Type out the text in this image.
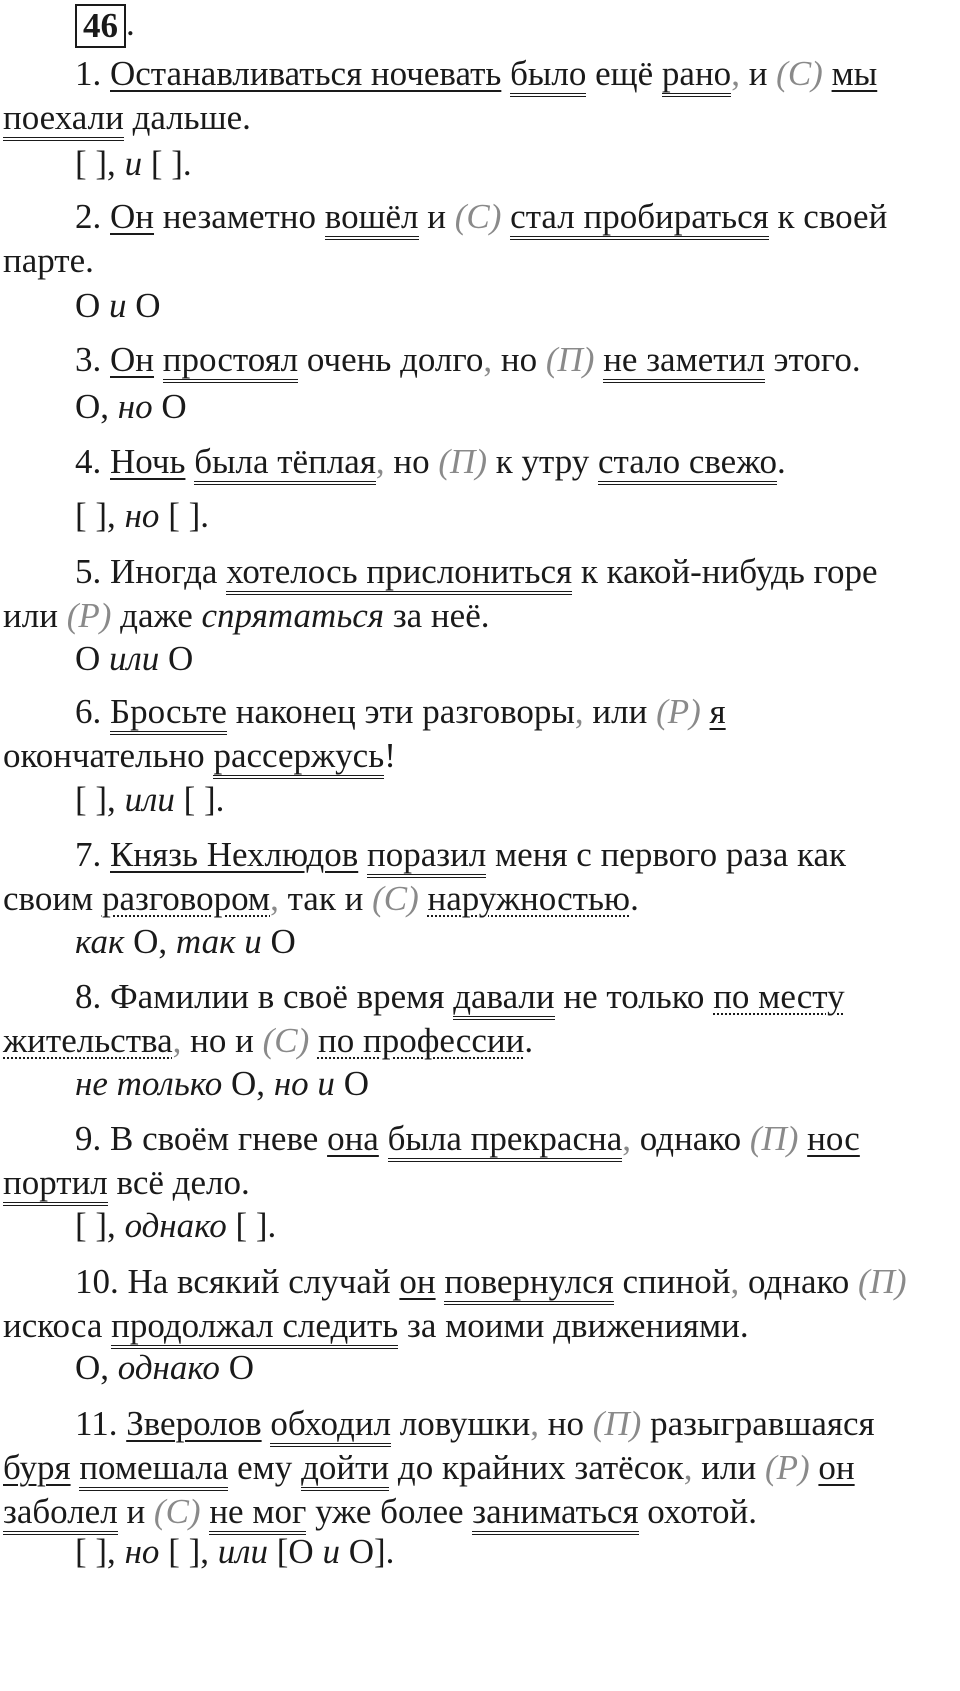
46 .
1. Останавливаться ночевать было ещё рано, и (С) мы
поехали дальше.
[ ], и [ ].
2. Он незаметно вошёл и (С) стал пробираться к своей
парте.
О и О
3. Он простоял очень долго, но (П) не заметил этого.
О, но О
4. Ночь была тёплая, но (П) к утру стало свежо.
[ ], но [ ].
5. Иногда хотелось прислониться к какой-нибудь горе
или (Р) даже спрятаться за неё.
О или О
6. Бросьте наконец эти разговоры, или (Р) я
окончательно рассержусь!
[ ], или [ ].
7. Князь Нехлюдов поразил меня с первого раза как
своим разговором, так и (С) наружностью.
как О, так и О
8. Фамилии в своё время давали не только по месту
жительства, но и (С) по профессии.
не только О, но и О
9. В своём гневе она была прекрасна, однако (П) нос
портил всё дело.
[ ], однако [ ].
10. На всякий случай он повернулся спиной, однако (П)
искоса продолжал следить за моими движениями.
О, однако О
11. Зверолов обходил ловушки, но (П) разыгравшаяся
буря помешала ему дойти до крайних затёсок, или (Р) он
заболел и (С) не мог уже более заниматься охотой.
[ ], но [ ], или [О и О].
